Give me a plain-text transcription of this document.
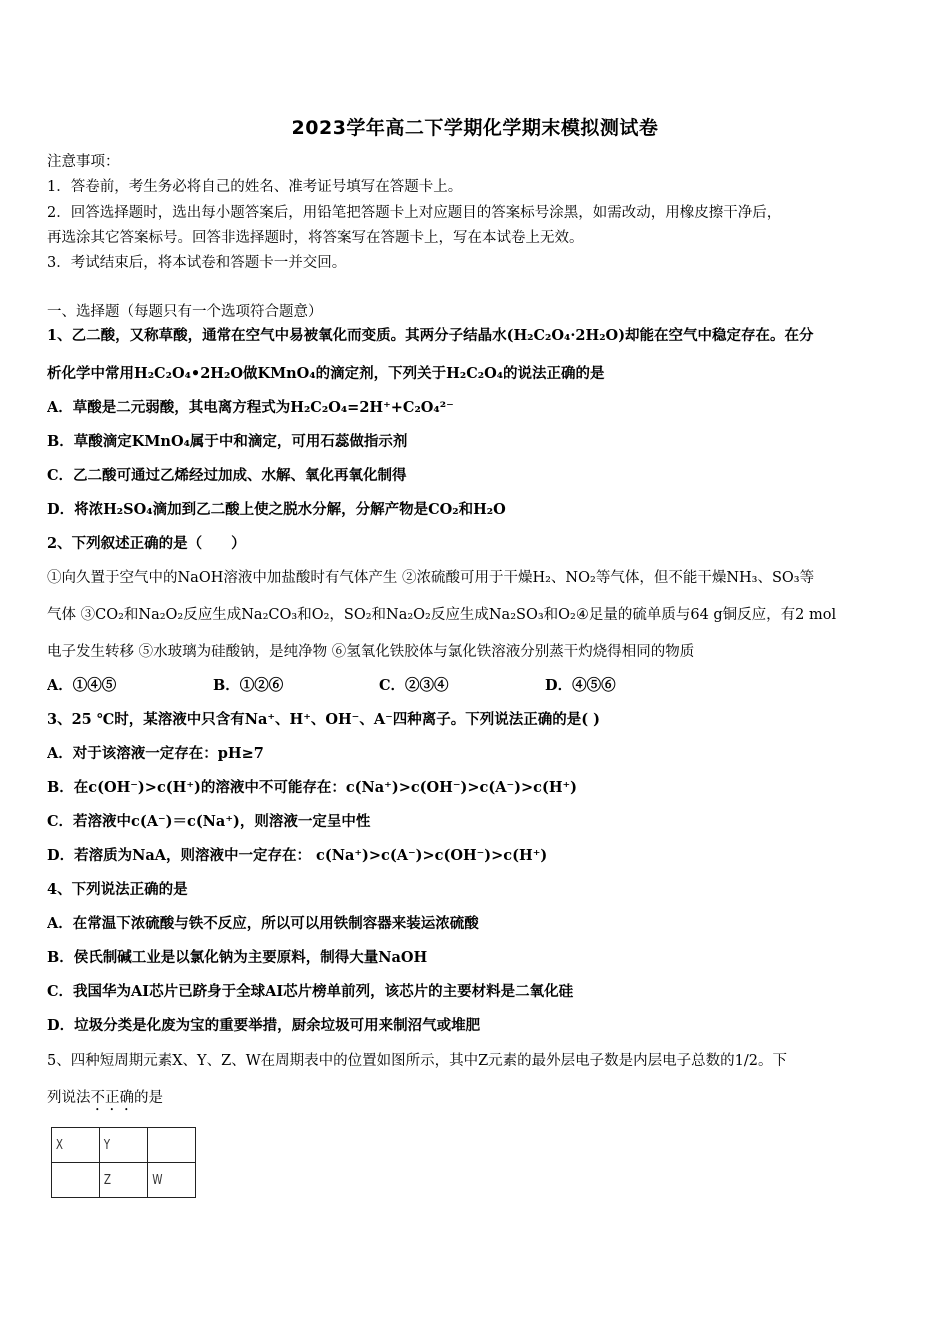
2023学年高二下学期化学期末模拟测试卷
注意事项：
1．答卷前，考生务必将自己的姓名、准考证号填写在答题卡上。
2．回答选择题时，选出每小题答案后，用铅笔把答题卡上对应题目的答案标号涂黑，如需改动，用橡皮擦干净后，
再选涂其它答案标号。回答非选择题时，将答案写在答题卡上，写在本试卷上无效。
3．考试结束后，将本试卷和答题卡一并交回。
一、选择题（每题只有一个选项符合题意）
1、乙二酸，又称草酸，通常在空气中易被氧化而变质。其两分子结晶水(H₂C₂O₄·2H₂O)却能在空气中稳定存在。在分
析化学中常用H₂C₂O₄•2H₂O做KMnO₄的滴定剂，下列关于H₂C₂O₄的说法正确的是
A．草酸是二元弱酸，其电离方程式为H₂C₂O₄=2H⁺+C₂O₄²⁻
B．草酸滴定KMnO₄属于中和滴定，可用石蕊做指示剂
C．乙二酸可通过乙烯经过加成、水解、氧化再氧化制得
D．将浓H₂SO₄滴加到乙二酸上使之脱水分解，分解产物是CO₂和H₂O
2、下列叙述正确的是（　　）
①向久置于空气中的NaOH溶液中加盐酸时有气体产生 ②浓硫酸可用于干燥H₂、NO₂等气体，但不能干燥NH₃、SO₃等
气体 ③CO₂和Na₂O₂反应生成Na₂CO₃和O₂，SO₂和Na₂O₂反应生成Na₂SO₃和O₂④足量的硫单质与64 g铜反应，有2 mol
电子发生转移 ⑤水玻璃为硅酸钠，是纯净物 ⑥氢氧化铁胶体与氯化铁溶液分别蒸干灼烧得相同的物质
A．①④⑤	B．①②⑥	C．②③④	D．④⑤⑥
3、25 ℃时，某溶液中只含有Na⁺、H⁺、OH⁻、A⁻四种离子。下列说法正确的是( )
A．对于该溶液一定存在：pH≥7
B．在c(OH⁻)>c(H⁺)的溶液中不可能存在：c(Na⁺)>c(OH⁻)>c(A⁻)>c(H⁺)
C．若溶液中c(A⁻)＝c(Na⁺)，则溶液一定呈中性
D．若溶质为NaA，则溶液中一定存在： c(Na⁺)>c(A⁻)>c(OH⁻)>c(H⁺)
4、下列说法正确的是
A．在常温下浓硫酸与铁不反应，所以可以用铁制容器来装运浓硫酸
B．侯氏制碱工业是以氯化钠为主要原料，制得大量NaOH
C．我国华为AI芯片已跻身于全球AI芯片榜单前列，该芯片的主要材料是二氧化硅
D．垃圾分类是化废为宝的重要举措，厨余垃圾可用来制沼气或堆肥
5、四种短周期元素X、Y、Z、W在周期表中的位置如图所示，其中Z元素的最外层电子数是内层电子总数的1/2。下
列说法不正确的是
X	Y	
	Z	W
